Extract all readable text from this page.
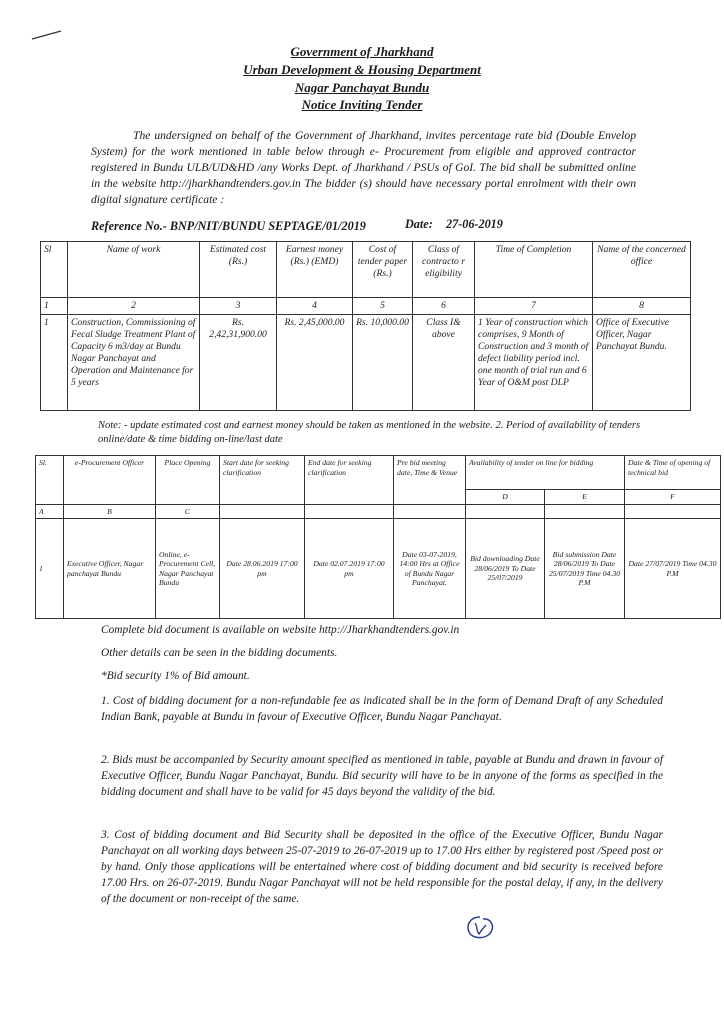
Government of Jharkhand
Urban Development & Housing Department
Nagar Panchayat Bundu
Notice Inviting Tender
The undersigned on behalf of the Government of Jharkhand, invites percentage rate bid (Double Envelop System) for the work mentioned in table below through e- Procurement from eligible and approved contractor registered in Bundu ULB/UD&HD /any Works Dept. of Jharkhand / PSUs of GoI. The bid shall be submitted online in the website http://jharkhandtenders.gov.in The bidder (s) should have necessary portal enrolment with their own digital signature certificate :
Reference No.- BNP/NIT/BUNDU SEPTAGE/01/2019	Date: 27-06-2019
Sl	Name of work	Estimated cost (Rs.)	Earnest money (Rs.) (EMD)	Cost of tender paper (Rs.)	Class of contracto r eligibility	Time of Completion	Name of the concerned office
1	2	3	4	5	6	7	8
1	Construction, Commissioning of Fecal Sludge Treatment Plant of Capacity 6 m3/day at Bundu Nagar Panchayat and Operation and Maintenance for 5 years	Rs. 2,42,31,900.00	Rs. 2,45,000.00	Rs. 10,000.00	Class I& above	1 Year of construction which comprises, 9 Month of Construction and 3 month of defect liability period incl. one month of trial run and 6 Year of O&M post DLP	Office of Executive Officer, Nagar Panchayat Bundu.
Note: - update estimated cost and earnest money should be taken as mentioned in the website. 2. Period of availability of tenders online/date & time bidding on-line/last date
Sl.	e-Procurement Officer	Place Opening	Start date for seeking clarification	End date for seeking clarification	Pre bid meeting date, Time & Venue	Availability of tender on line for bidding		Date & Time of opening of technical bid
						D	E	F
A	B	C						
1	Executive Officer, Nagar panchayat Bundu	Online, e-Procurement Cell, Nagar Panchayat Bundu	Date 28.06.2019 17:00 pm	Date 02.07.2019 17:00 pm	Date 03-07-2019, 14:00 Hrs at Office of Bundu Nagar Panchayat.	Bid downloading Date 28/06/2019 To Date 25/07/2019	Bid submission Date 28/06/2019 To Date 25/07/2019 Time 04.30 P.M	Date 27/07/2019 Time 04.30 P.M
Complete bid document is available on website http://Jharkhandtenders.gov.in
Other details can be seen in the bidding documents.
*Bid security 1% of Bid amount.
1. Cost of bidding document for a non-refundable fee as indicated shall be in the form of Demand Draft of any Scheduled Indian Bank, payable at Bundu in favour of Executive Officer, Bundu Nagar Panchayat.
2. Bids must be accompanied by Security amount specified as mentioned in table, payable at Bundu and drawn in favour of Executive Officer, Bundu Nagar Panchayat, Bundu. Bid security will have to be in anyone of the forms as specified in the bidding document and shall have to be valid for 45 days beyond the validity of the bid.
3. Cost of bidding document and Bid Security shall be deposited in the office of the Executive Officer, Bundu Nagar Panchayat on all working days between 25-07-2019 to 26-07-2019 up to 17.00 Hrs either by registered post /Speed post or by hand. Only those applications will be entertained where cost of bidding document and bid security is received before 17.00 Hrs. on 26-07-2019. Bundu Nagar Panchayat will not be held responsible for the postal delay, if any, in the delivery of the document or non-receipt of the same.
